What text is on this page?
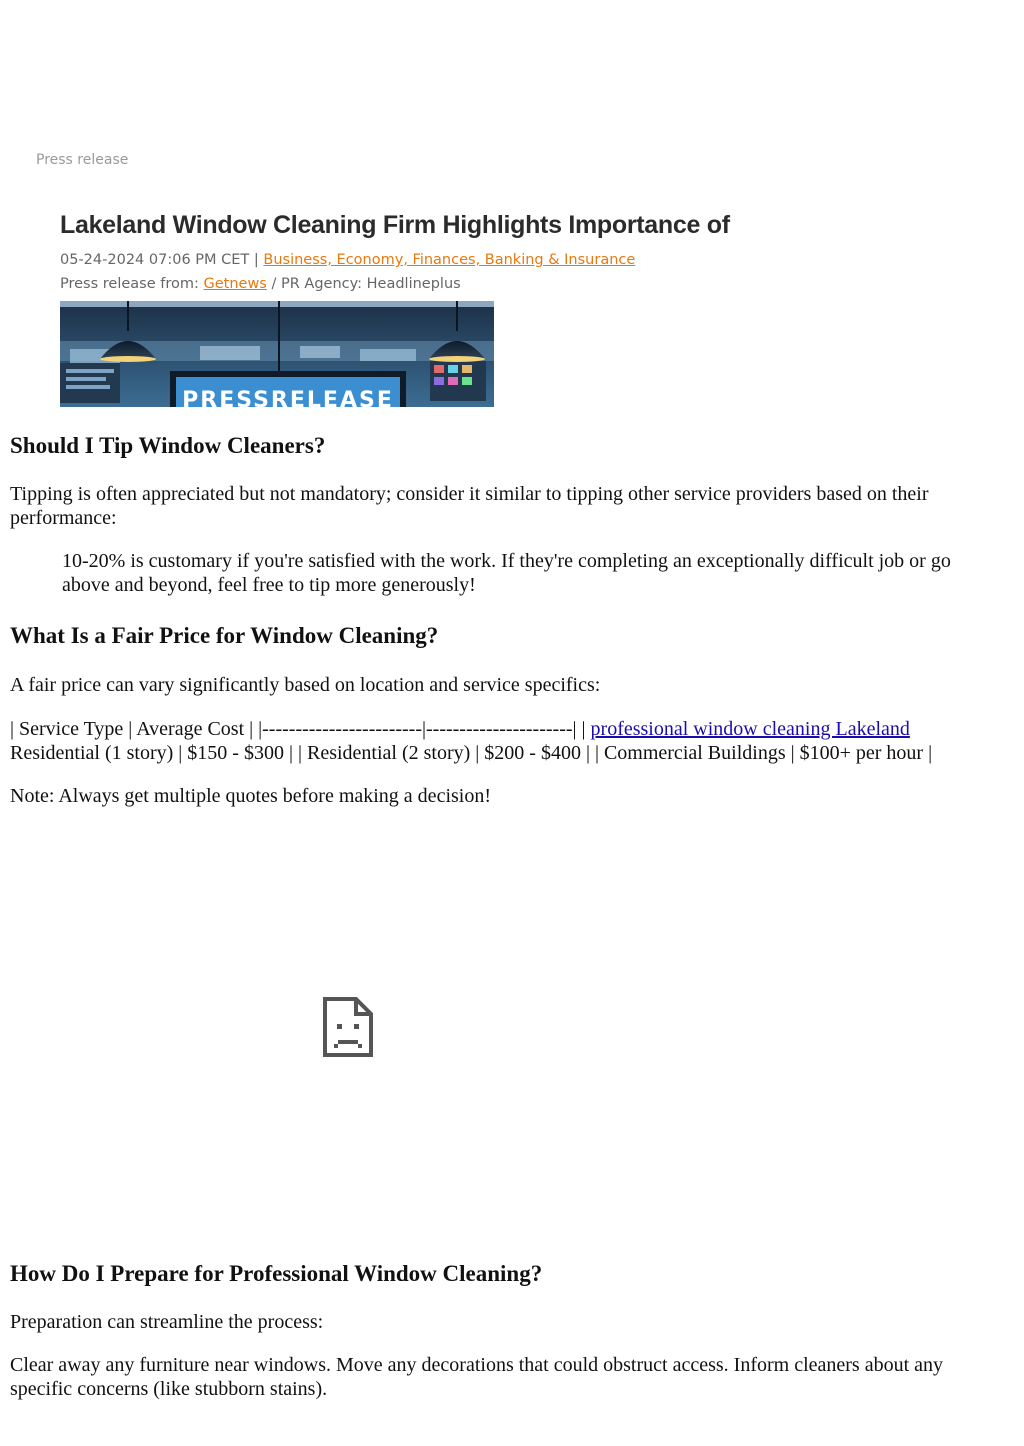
Press release
Lakeland Window Cleaning Firm Highlights Importance of
05-24-2024 07:06 PM CET | Business, Economy, Finances, Banking & Insurance
Press release from: Getnews / PR Agency: Headlineplus
PRESSRELEASE
Should I Tip Window Cleaners?

Tipping is often appreciated but not mandatory; consider it similar to tipping other service providers based on their performance:

10-20% is customary if you're satisfied with the work. If they're completing an exceptionally difficult job or go above and beyond, feel free to tip more generously!
What Is a Fair Price for Window Cleaning?

A fair price can vary significantly based on location and service specifics:

| Service Type | Average Cost | |------------------------|----------------------| | professional window cleaning Lakeland Residential (1 story) | $150 - $300 | | Residential (2 story) | $200 - $400 | | Commercial Buildings | $100+ per hour |

Note: Always get multiple quotes before making a decision!

How Do I Prepare for Professional Window Cleaning?

Preparation can streamline the process:

Clear away any furniture near windows. Move any decorations that could obstruct access. Inform cleaners about any specific concerns (like stubborn stains).
